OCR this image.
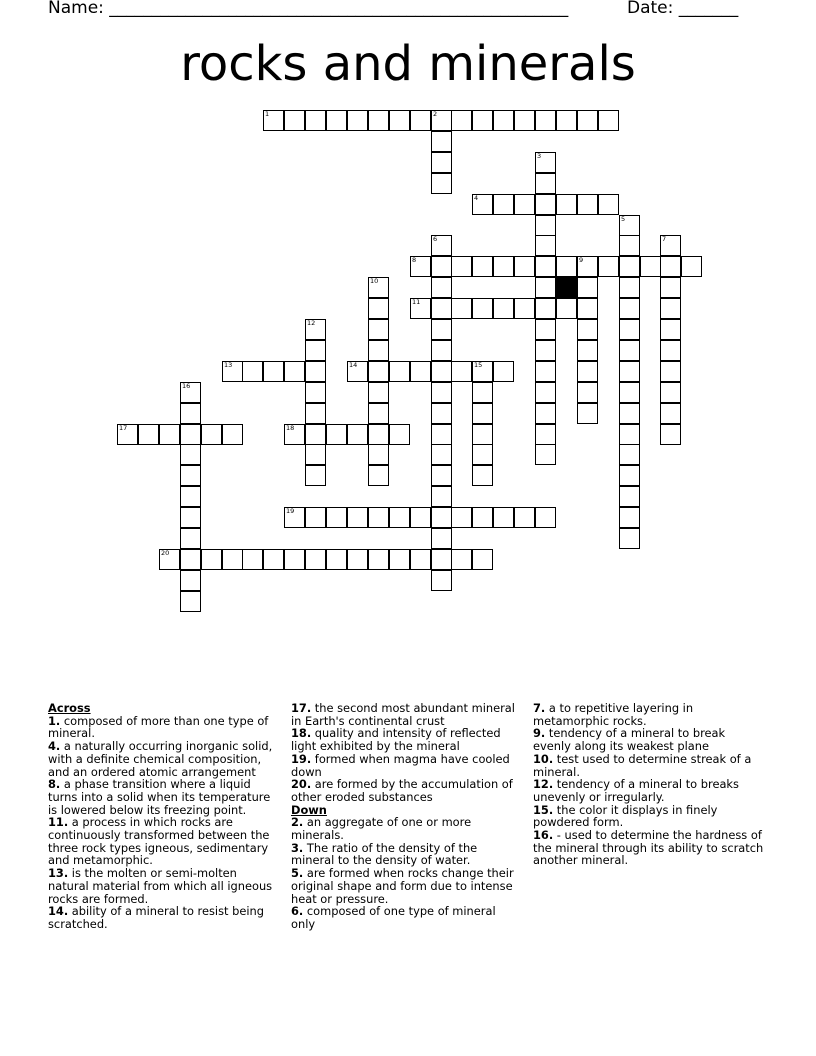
Name: ______________________________________________________	Date: _______
rocks and minerals
1	2
3
4
5
6	7
8	9
10
11
12
13	14	15
16
17	18
19
20
Across
1. composed of more than one type of mineral.
4. a naturally occurring inorganic solid, with a definite chemical composition, and an ordered atomic arrangement
8. a phase transition where a liquid turns into a solid when its temperature is lowered below its freezing point.
11. a process in which rocks are continuously transformed between the three rock types igneous, sedimentary and metamorphic.
13. is the molten or semi-molten natural material from which all igneous rocks are formed.
14. ability of a mineral to resist being scratched.
17. the second most abundant mineral in Earth's continental crust
18. quality and intensity of reflected light exhibited by the mineral
19. formed when magma have cooled down
20. are formed by the accumulation of other eroded substances
Down
2. an aggregate of one or more minerals.
3. The ratio of the density of the mineral to the density of water.
5. are formed when rocks change their original shape and form due to intense heat or pressure.
6. composed of one type of mineral only
7. a to repetitive layering in metamorphic rocks.
9. tendency of a mineral to break evenly along its weakest plane
10. test used to determine streak of a mineral.
12. tendency of a mineral to breaks unevenly or irregularly.
15. the color it displays in finely powdered form.
16. - used to determine the hardness of the mineral through its ability to scratch another mineral.
